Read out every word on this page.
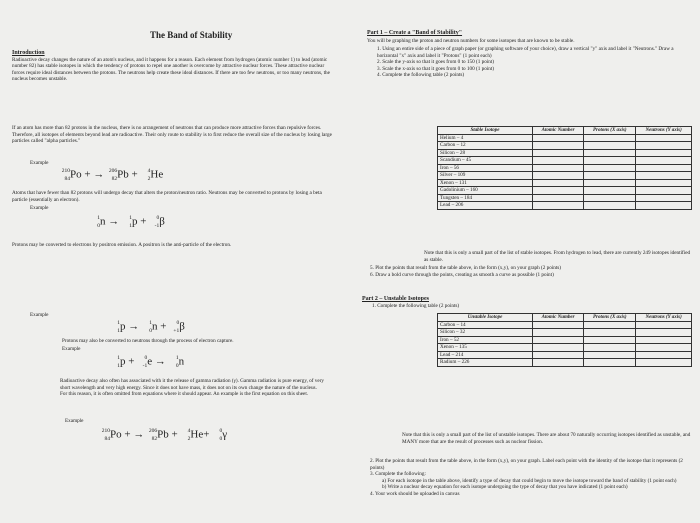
The Band of Stability
Introduction
Radioactive decay changes the nature of an atom's nucleus, and it happens for a reason. Each element from hydrogen (atomic number 1) to lead (atomic number 82) has stable isotopes in which the tendency of protons to repel one another is overcome by attractive nuclear forces. These attractive nuclear forces require ideal distances between the protons. The neutrons help create these ideal distances. If there are too few neutrons, or too many neutrons, the nucleus becomes unstable.
If an atom has more than 82 protons in the nucleus, there is no arrangement of neutrons that can produce more attractive forces than repulsive forces. Therefore, all isotopes of elements beyond lead are radioactive. Their only route to stability is to first reduce the overall size of the nucleus by losing large particles called "alpha particles."
Example
210
84 Po + → 206
82 Pb + 4
2 He
Atoms that have fewer than 82 protons will undergo decay that alters the proton/neutron ratio. Neutrons may be converted to protons by losing a beta particle (essentially an electron).
Example
1
0 n → 1
1 p + 0
-1 β
Protons may be converted to electrons by positron emission. A positron is the anti-particle of the electron.
Example
1
1 p → 1
0 n + 0
+1 β
Protons may also be converted to neutrons through the process of electron capture.
Example
1
1 p + 0
-1 e → 1
0 n
Radioactive decay also often has associated with it the release of gamma radiation (γ). Gamma radiation is pure energy, of very short wavelength and very high energy. Since it does not have mass, it does not on its own change the nature of the nucleus. For this reason, it is often omitted from equations where it should appear. An example is the first equation on this sheet.
Example
210
84 Po + → 206
82 Pb + 4
2 He+ 0
0 γ
Part 1 – Create a "Band of Stability"
You will be graphing the proton and neutron numbers for some isotopes that are known to be stable.
1. Using an entire side of a piece of graph paper (or graphing software of your choice), draw a vertical "y" axis and label it "Neutrons." Draw a horizontal "x" axis and label it "Protons" (1 point each)
2. Scale the y-axis so that it goes from 0 to 150 (1 point)
3. Scale the x-axis so that it goes from 0 to 100 (1 point)
4. Complete the following table (2 points)
Stable Isotope	Atomic Number	Protons (X axis)	Neutrons (Y axis)
Helium – 4			
Carbon – 12			
Silicon – 28			
Scandium – 45			
Iron – 56			
Silver – 109			
Xenon – 131			
Gadolinium – 160			
Tungsten – 184			
Lead – 206			
Note that this is only a small part of the list of stable isotopes. From hydrogen to lead, there are currently 249 isotopes identified as stable.
5. Plot the points that result from the table above, in the form (x,y), on your graph (2 points)
6. Draw a bold curve through the points, creating as smooth a curve as possible (1 point)
Part 2 – Unstable Isotopes
1. Complete the following table (2 points)
Unstable Isotope	Atomic Number	Protons (X axis)	Neutrons (Y axis)
Carbon – 14			
Silicon – 32			
Iron – 52			
Xenon – 135			
Lead – 214			
Radium – 226			
Note that this is only a small part of the list of unstable isotopes. There are about 70 naturally occurring isotopes identified as unstable, and MANY more that are the result of processes such as nuclear fission.
2. Plot the points that result from the table above, in the form (x,y), on your graph. Label each point with the identity of the isotope that it represents (2 points)
3. Complete the following:
a) For each isotope in the table above, identify a type of decay that could begin to move the isotope toward the band of stability (1 point each)
b) Write a nuclear decay equation for each isotope undergoing the type of decay that you have indicated (1 point each)
4. Your work should be uploaded in canvas
